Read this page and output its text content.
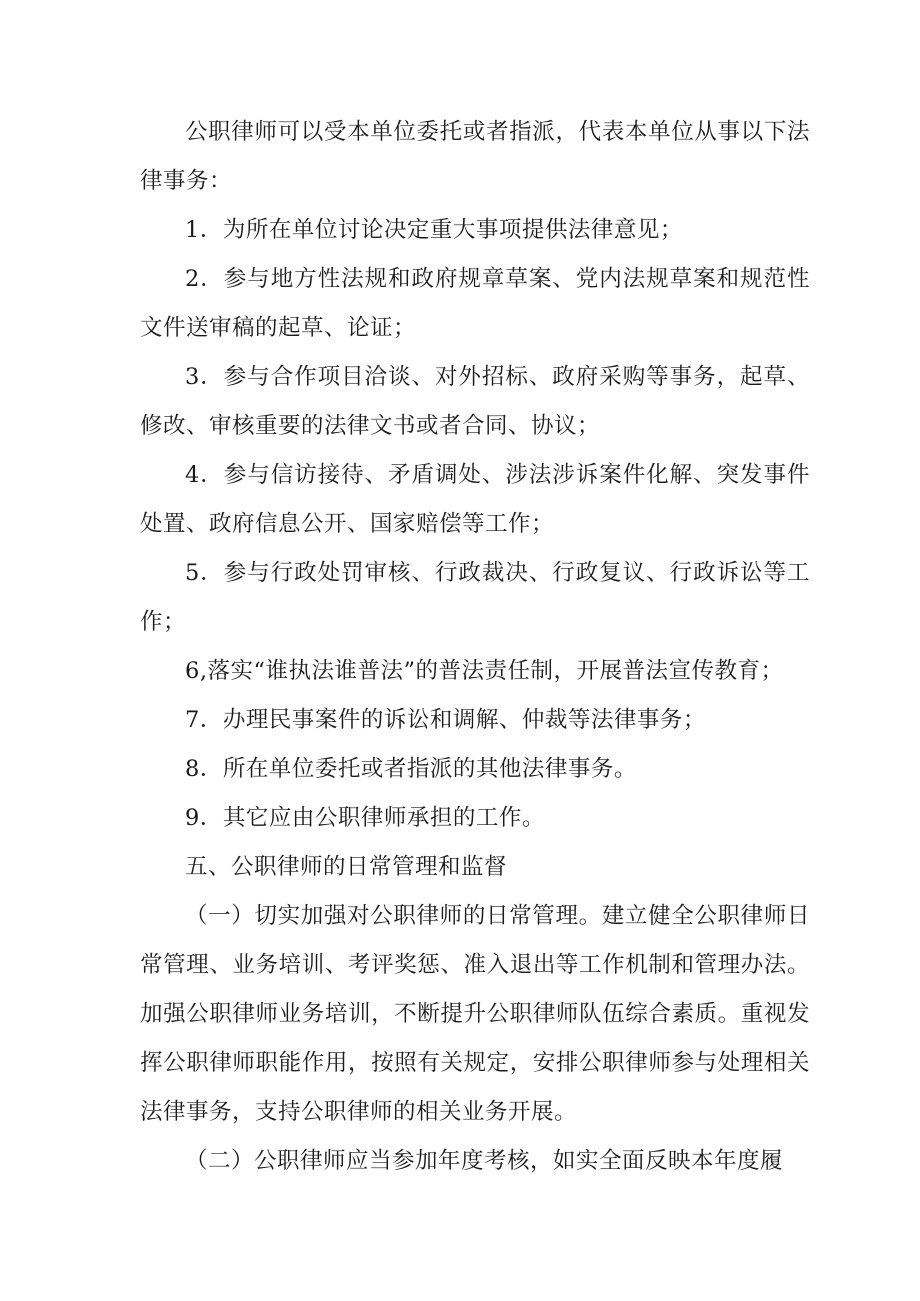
公职律师可以受本单位委托或者指派，代表本单位从事以下法律事务：

1．为所在单位讨论决定重大事项提供法律意见；

2．参与地方性法规和政府规章草案、党内法规草案和规范性文件送审稿的起草、论证；

3．参与合作项目洽谈、对外招标、政府采购等事务，起草、修改、审核重要的法律文书或者合同、协议；

4．参与信访接待、矛盾调处、涉法涉诉案件化解、突发事件处置、政府信息公开、国家赔偿等工作；

5．参与行政处罚审核、行政裁决、行政复议、行政诉讼等工作；

6,落实“谁执法谁普法”的普法责任制，开展普法宣传教育；

7．办理民事案件的诉讼和调解、仲裁等法律事务；

8．所在单位委托或者指派的其他法律事务。

9．其它应由公职律师承担的工作。

五、公职律师的日常管理和监督

（一）切实加强对公职律师的日常管理。建立健全公职律师日常管理、业务培训、考评奖惩、准入退出等工作机制和管理办法。加强公职律师业务培训，不断提升公职律师队伍综合素质。重视发挥公职律师职能作用，按照有关规定，安排公职律师参与处理相关法律事务，支持公职律师的相关业务开展。

（二）公职律师应当参加年度考核，如实全面反映本年度履
